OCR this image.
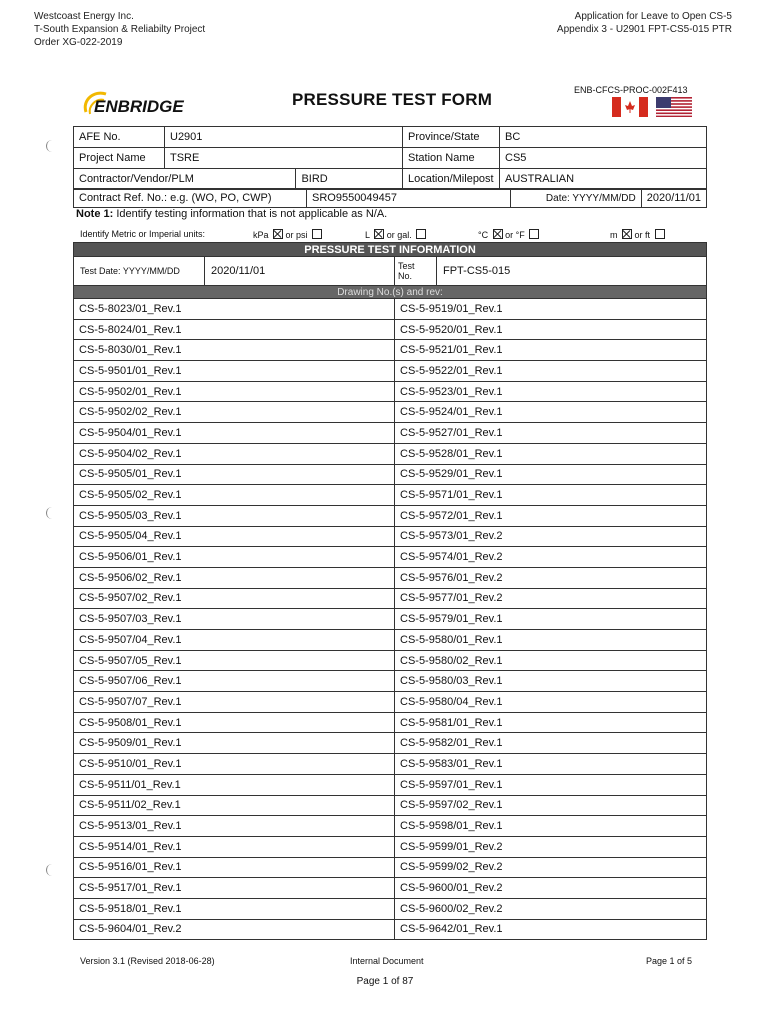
Westcoast Energy Inc.
T-South Expansion & Reliabilty Project
Order XG-022-2019
Application for Leave to Open CS-5
Appendix 3 - U2901 FPT-CS5-015 PTR
ENBRIDGE	PRESSURE TEST FORM	ENB-CFCS-PROC-002F413
AFE No.	U2901		Province/State	BC
Project Name	TSRE		Station Name	CS5
Contractor/Vendor/PLM		BIRD	Location/Milepost	AUSTRALIAN
Contract Ref. No.: e.g. (WO, PO, CWP)	SRO9550049457	Date: YYYY/MM/DD	2020/11/01
Note 1: Identify testing information that is not applicable as N/A.
Identify Metric or Imperial units:	kPa or psi	L or gal.	°C or °F	m or ft
PRESSURE TEST INFORMATION			
Test Date: YYYY/MM/DD	2020/11/01	Test
No.	FPT-CS5-015
Drawing No.(s) and rev:			
CS-5-8023/01_Rev.1		CS-5-9519/01_Rev.1	
CS-5-8024/01_Rev.1		CS-5-9520/01_Rev.1	
CS-5-8030/01_Rev.1		CS-5-9521/01_Rev.1	
CS-5-9501/01_Rev.1		CS-5-9522/01_Rev.1	
CS-5-9502/01_Rev.1		CS-5-9523/01_Rev.1	
CS-5-9502/02_Rev.1		CS-5-9524/01_Rev.1	
CS-5-9504/01_Rev.1		CS-5-9527/01_Rev.1	
CS-5-9504/02_Rev.1		CS-5-9528/01_Rev.1	
CS-5-9505/01_Rev.1		CS-5-9529/01_Rev.1	
CS-5-9505/02_Rev.1		CS-5-9571/01_Rev.1	
CS-5-9505/03_Rev.1		CS-5-9572/01_Rev.1	
CS-5-9505/04_Rev.1		CS-5-9573/01_Rev.2	
CS-5-9506/01_Rev.1		CS-5-9574/01_Rev.2	
CS-5-9506/02_Rev.1		CS-5-9576/01_Rev.2	
CS-5-9507/02_Rev.1		CS-5-9577/01_Rev.2	
CS-5-9507/03_Rev.1		CS-5-9579/01_Rev.1	
CS-5-9507/04_Rev.1		CS-5-9580/01_Rev.1	
CS-5-9507/05_Rev.1		CS-5-9580/02_Rev.1	
CS-5-9507/06_Rev.1		CS-5-9580/03_Rev.1	
CS-5-9507/07_Rev.1		CS-5-9580/04_Rev.1	
CS-5-9508/01_Rev.1		CS-5-9581/01_Rev.1	
CS-5-9509/01_Rev.1		CS-5-9582/01_Rev.1	
CS-5-9510/01_Rev.1		CS-5-9583/01_Rev.1	
CS-5-9511/01_Rev.1		CS-5-9597/01_Rev.1	
CS-5-9511/02_Rev.1		CS-5-9597/02_Rev.1	
CS-5-9513/01_Rev.1		CS-5-9598/01_Rev.1	
CS-5-9514/01_Rev.1		CS-5-9599/01_Rev.2	
CS-5-9516/01_Rev.1		CS-5-9599/02_Rev.2	
CS-5-9517/01_Rev.1		CS-5-9600/01_Rev.2	
CS-5-9518/01_Rev.1		CS-5-9600/02_Rev.2	
CS-5-9604/01_Rev.2		CS-5-9642/01_Rev.1	
Version 3.1 (Revised 2018-06-28)	Internal Document	Page 1 of 5
Page 1 of 87
